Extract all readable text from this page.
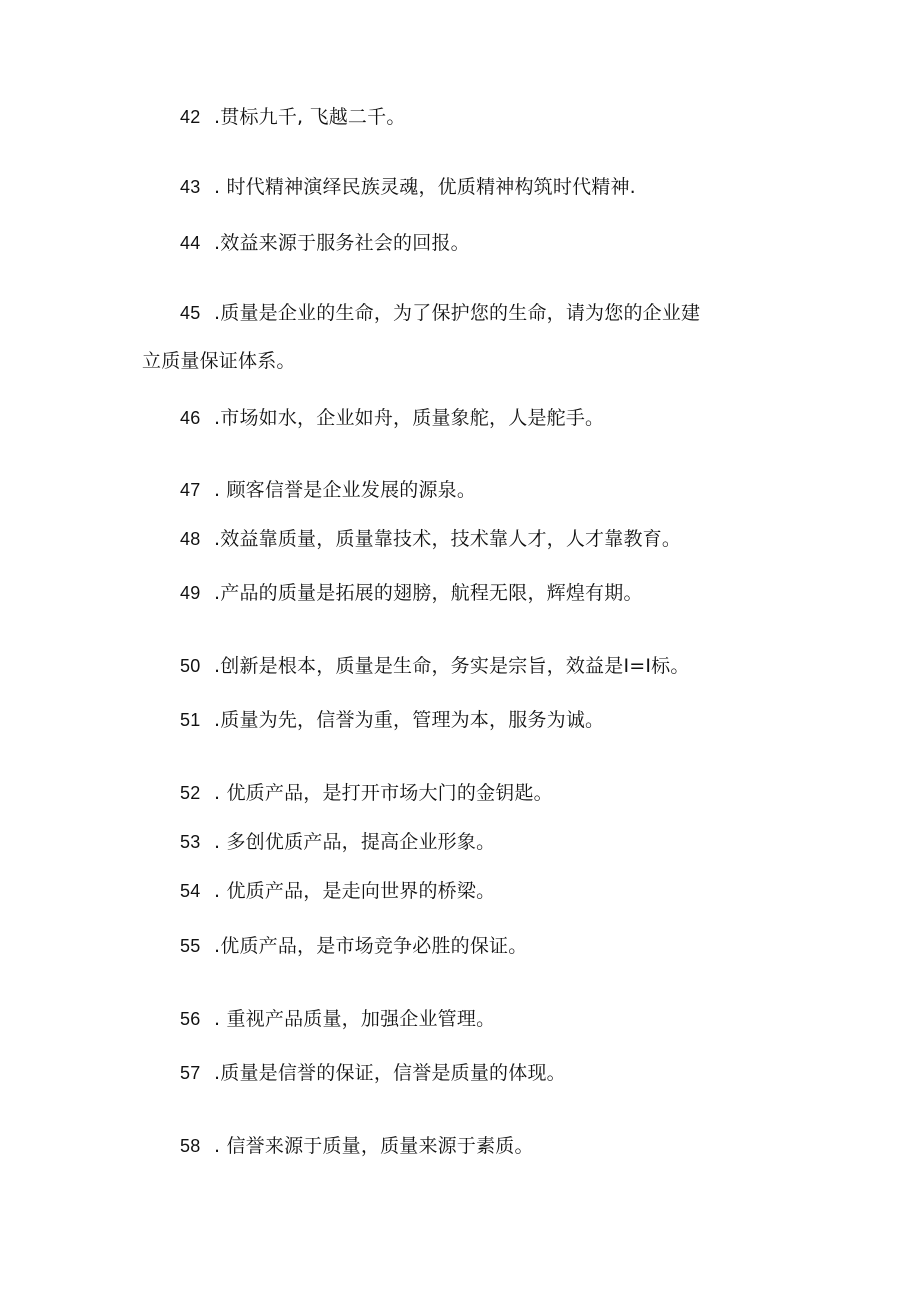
42 .贯标九千, 飞越二千。
43 . 时代精神演绎民族灵魂，优质精神构筑时代精神.
44 .效益来源于服务社会的回报。
45 .质量是企业的生命，为了保护您的生命，请为您的企业建
立质量保证体系。
46 .市场如水，企业如舟，质量象舵，人是舵手。
47 . 顾客信誉是企业发展的源泉。
48 .效益靠质量，质量靠技术，技术靠人才，人才靠教育。
49 .产品的质量是拓展的翅膀，航程无限，辉煌有期。
50 .创新是根本，质量是生命，务实是宗旨，效益是I=I标。
51 .质量为先，信誉为重，管理为本，服务为诚。
52 . 优质产品，是打开市场大门的金钥匙。
53 . 多创优质产品，提高企业形象。
54 . 优质产品，是走向世界的桥梁。
55 .优质产品，是市场竞争必胜的保证。
56 . 重视产品质量，加强企业管理。
57 .质量是信誉的保证，信誉是质量的体现。
58 . 信誉来源于质量，质量来源于素质。
